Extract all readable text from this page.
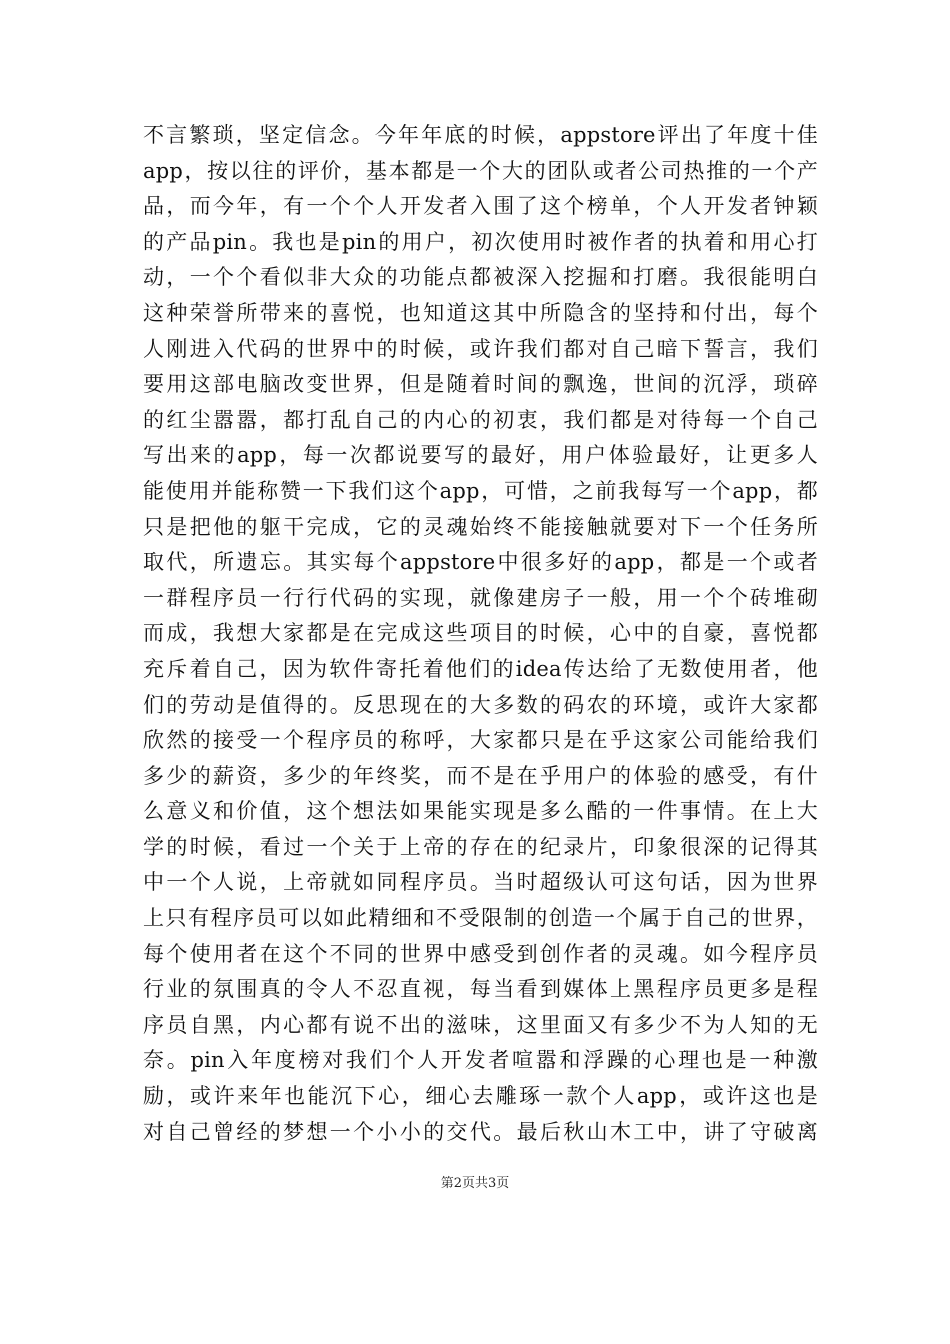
不言繁琐，坚定信念。今年年底的时候，appstore评出了年度十佳
app，按以往的评价，基本都是一个大的团队或者公司热推的一个产
品，而今年，有一个个人开发者入围了这个榜单，个人开发者钟颖
的产品pin。我也是pin的用户，初次使用时被作者的执着和用心打
动，一个个看似非大众的功能点都被深入挖掘和打磨。我很能明白
这种荣誉所带来的喜悦，也知道这其中所隐含的坚持和付出，每个
人刚进入代码的世界中的时候，或许我们都对自己暗下誓言，我们
要用这部电脑改变世界，但是随着时间的飘逸，世间的沉浮，琐碎
的红尘嚣嚣，都打乱自己的内心的初衷，我们都是对待每一个自己
写出来的app，每一次都说要写的最好，用户体验最好，让更多人
能使用并能称赞一下我们这个app，可惜，之前我每写一个app，都
只是把他的躯干完成，它的灵魂始终不能接触就要对下一个任务所
取代，所遗忘。其实每个appstore中很多好的app，都是一个或者
一群程序员一行行代码的实现，就像建房子一般，用一个个砖堆砌
而成，我想大家都是在完成这些项目的时候，心中的自豪，喜悦都
充斥着自己，因为软件寄托着他们的idea传达给了无数使用者，他
们的劳动是值得的。反思现在的大多数的码农的环境，或许大家都
欣然的接受一个程序员的称呼，大家都只是在乎这家公司能给我们
多少的薪资，多少的年终奖，而不是在乎用户的体验的感受，有什
么意义和价值，这个想法如果能实现是多么酷的一件事情。在上大
学的时候，看过一个关于上帝的存在的纪录片，印象很深的记得其
中一个人说，上帝就如同程序员。当时超级认可这句话，因为世界
上只有程序员可以如此精细和不受限制的创造一个属于自己的世界，
每个使用者在这个不同的世界中感受到创作者的灵魂。如今程序员
行业的氛围真的令人不忍直视，每当看到媒体上黑程序员更多是程
序员自黑，内心都有说不出的滋味，这里面又有多少不为人知的无
奈。pin入年度榜对我们个人开发者喧嚣和浮躁的心理也是一种激
励，或许来年也能沉下心，细心去雕琢一款个人app，或许这也是
对自己曾经的梦想一个小小的交代。最后秋山木工中，讲了守破离
第2页共3页
